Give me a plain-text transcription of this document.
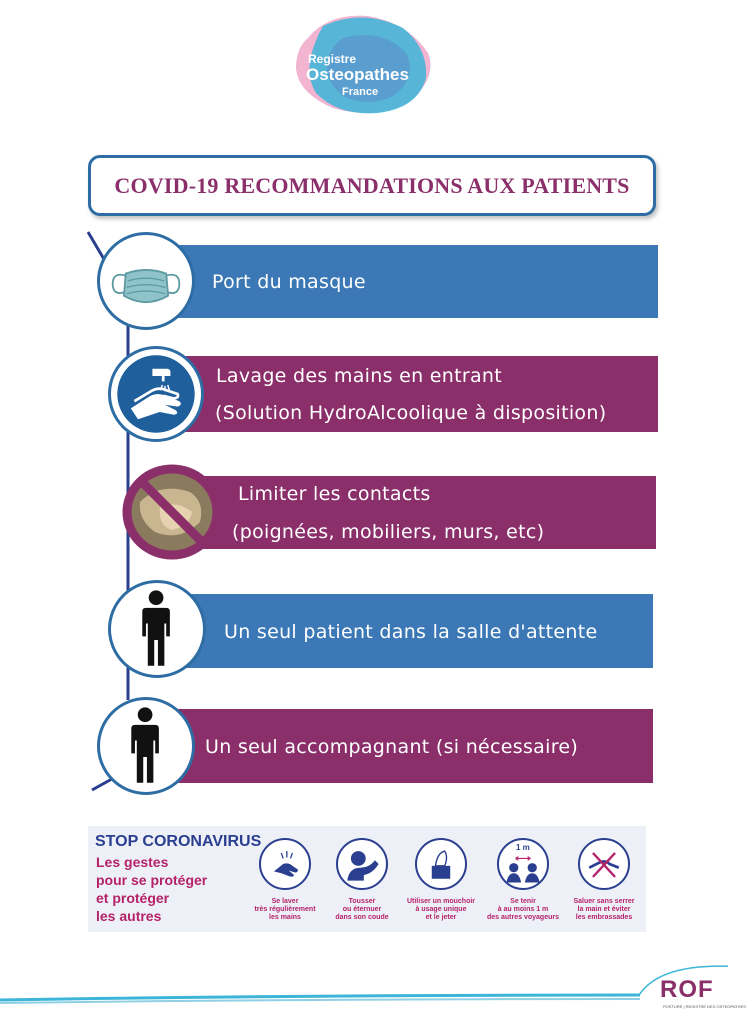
Registre
Osteopathes
France
COVID-19 RECOMMANDATIONS AUX PATIENTS
Port du masque
Lavage des mains en entrant
(Solution HydroAlcoolique à disposition)
Limiter les contacts
(poignées, mobiliers, murs, etc)
Un seul patient dans la salle d'attente
Un seul accompagnant (si nécessaire)
STOP CORONAVIRUS
Les gestes
pour se protéger
et protéger
les autres
Se laver
très régulièrement
les mains
Tousser
ou éternuer
dans son coude
Utiliser un mouchoir
à usage unique
et le jeter
1 m
Se tenir
à au moins 1 m
des autres voyageurs
Saluer sans serrer
la main et éviter
les embrassades
ROF
POSTURE | REGISTRE DES OSTEOPATHES
